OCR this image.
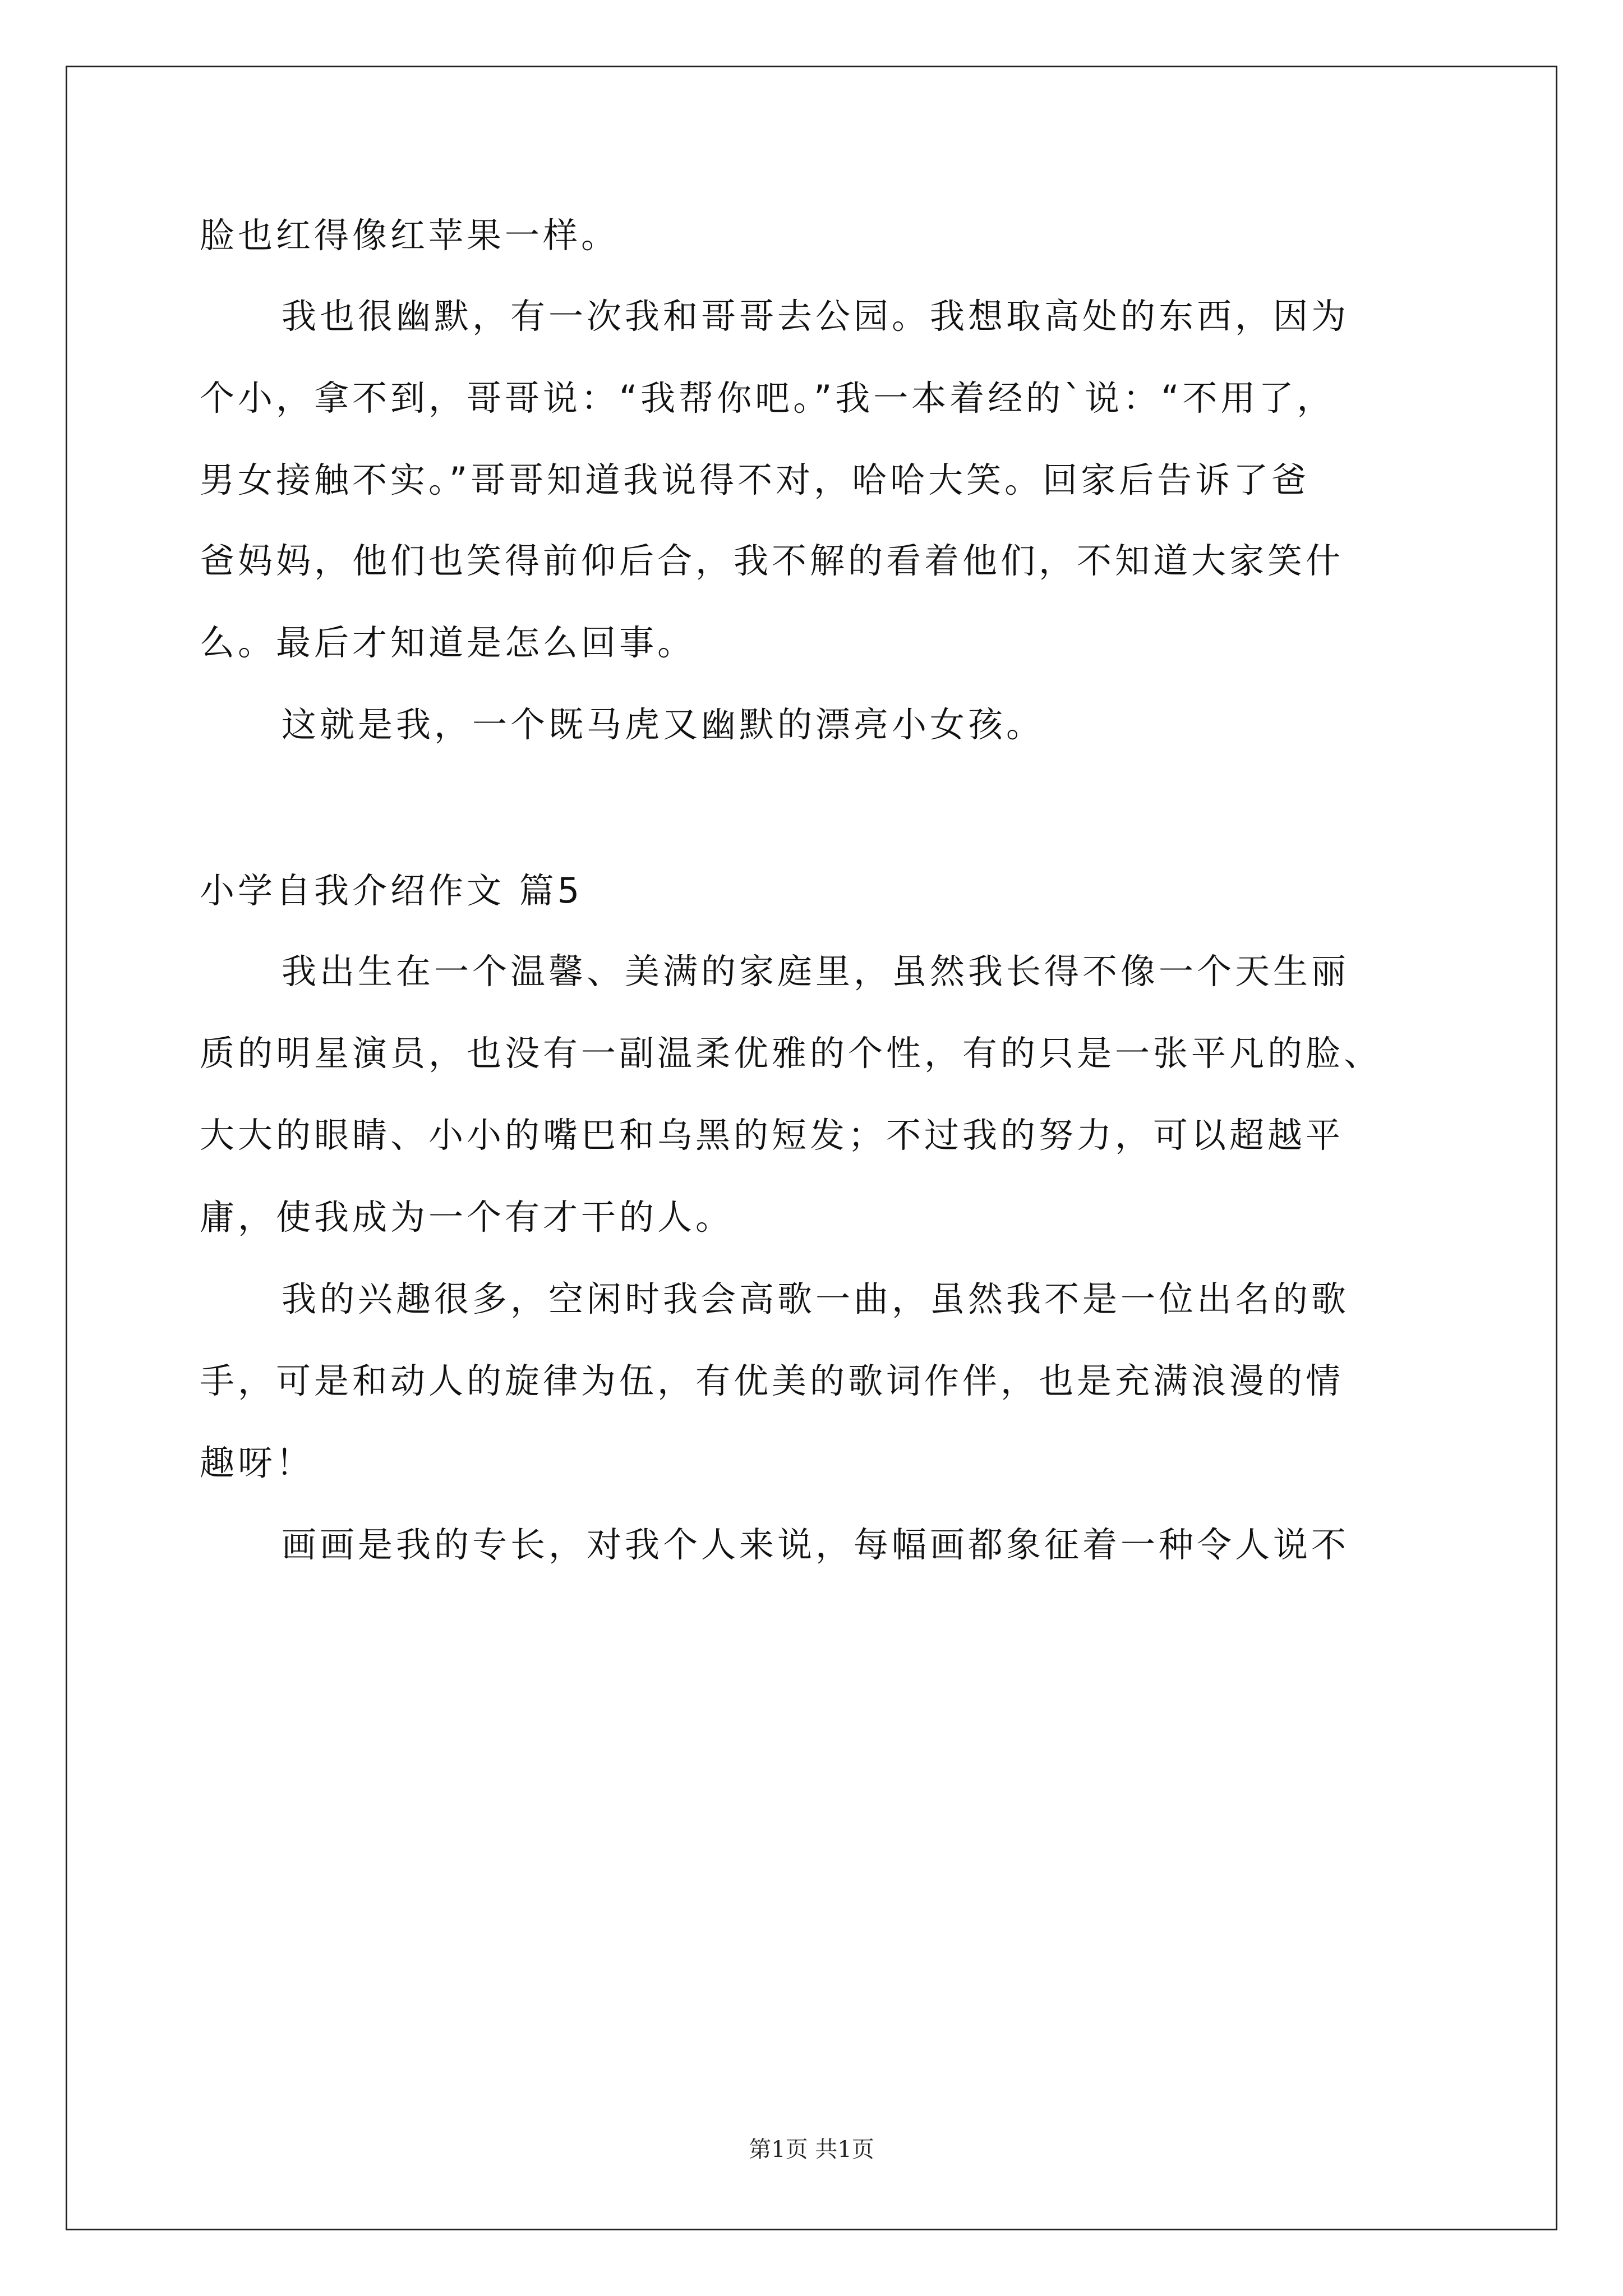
脸也红得像红苹果一样。
我也很幽默，有一次我和哥哥去公园。我想取高处的东西，因为
个小，拿不到，哥哥说：“我帮你吧。”我一本着经的`说：“不用了，
男女接触不实。”哥哥知道我说得不对，哈哈大笑。回家后告诉了爸
爸妈妈，他们也笑得前仰后合，我不解的看着他们，不知道大家笑什
么。最后才知道是怎么回事。
这就是我，一个既马虎又幽默的漂亮小女孩。
小学自我介绍作文 篇5
我出生在一个温馨、美满的家庭里，虽然我长得不像一个天生丽
质的明星演员，也没有一副温柔优雅的个性，有的只是一张平凡的脸、
大大的眼睛、小小的嘴巴和乌黑的短发；不过我的努力，可以超越平
庸，使我成为一个有才干的人。
我的兴趣很多，空闲时我会高歌一曲，虽然我不是一位出名的歌
手，可是和动人的旋律为伍，有优美的歌词作伴，也是充满浪漫的情
趣呀！
画画是我的专长，对我个人来说，每幅画都象征着一种令人说不
第1页 共1页
